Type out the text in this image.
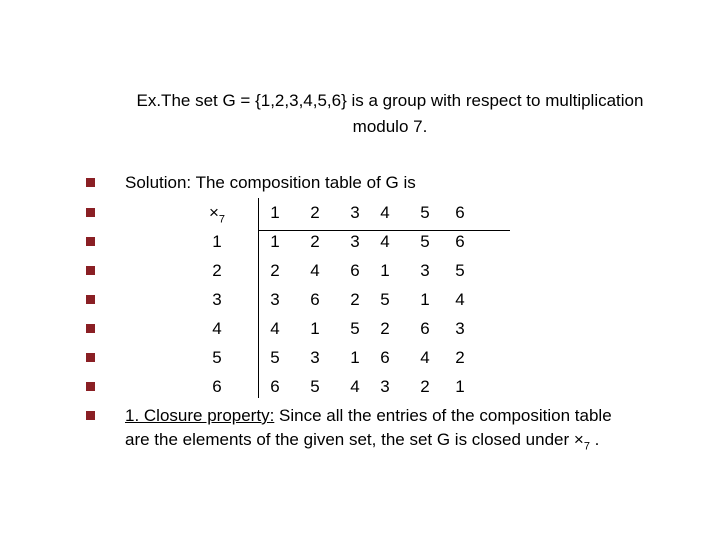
Ex.The set G = {1,2,3,4,5,6} is a group with respect to multiplication
modulo 7.
Solution: The composition table of G is
$\times_7$	1	2	3	4	5	6
1	1	2	3	4	5	6
2	2	4	6	1	3	5
3	3	6	2	5	1	4
4	4	1	5	2	6	3
5	5	3	1	6	4	2
6	6	5	4	3	2	1
1. Closure property: Since all the entries of the composition table
are the elements of the given set, the set G is closed under $\times_7$ .
